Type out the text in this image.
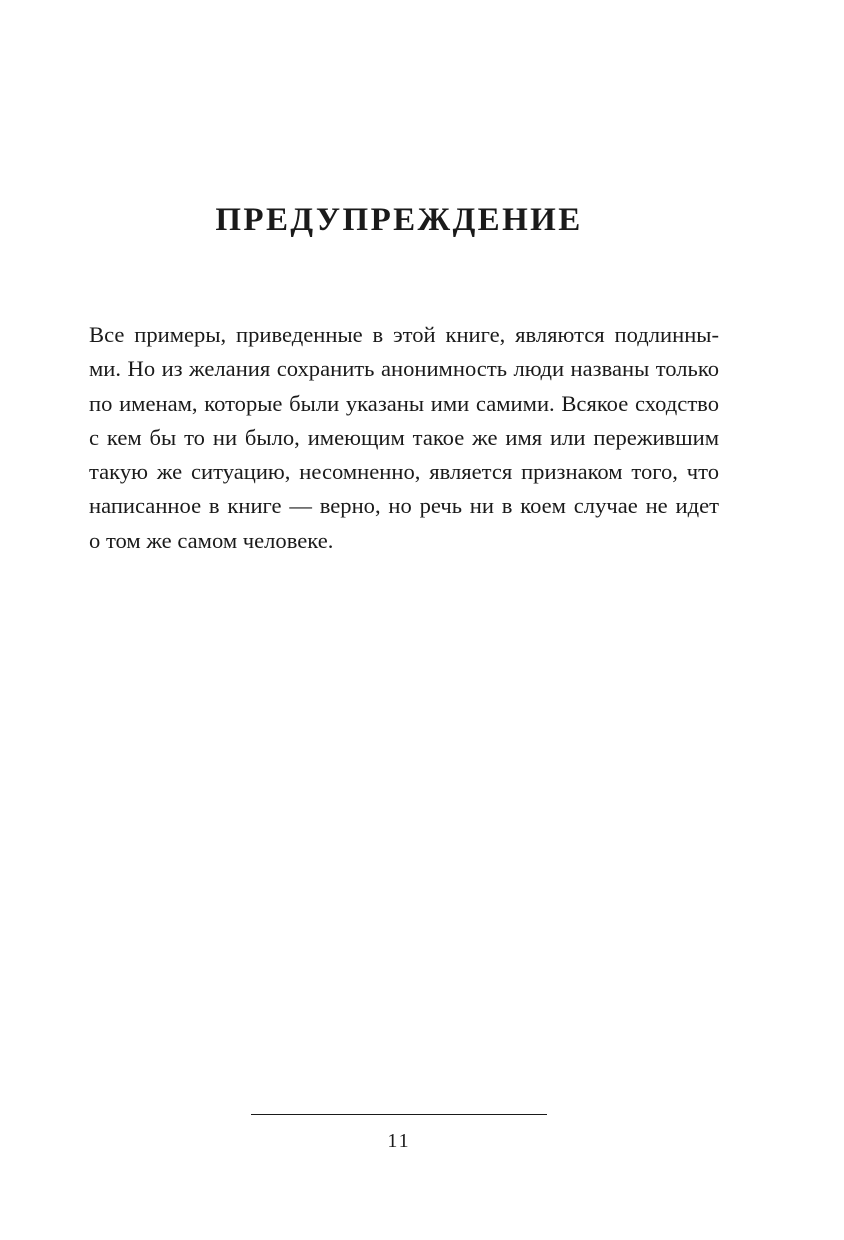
ПРЕДУПРЕЖДЕНИЕ

Все примеры, приведенные в этой книге, являются подлинны-
ми. Но из желания сохранить анонимность люди названы только
по именам, которые были указаны ими самими. Всякое сходство
с кем бы то ни было, имеющим такое же имя или пережившим
такую же ситуацию, несомненно, является признаком того, что
написанное в книге — верно, но речь ни в коем случае не идет
о том же самом человеке.

11
